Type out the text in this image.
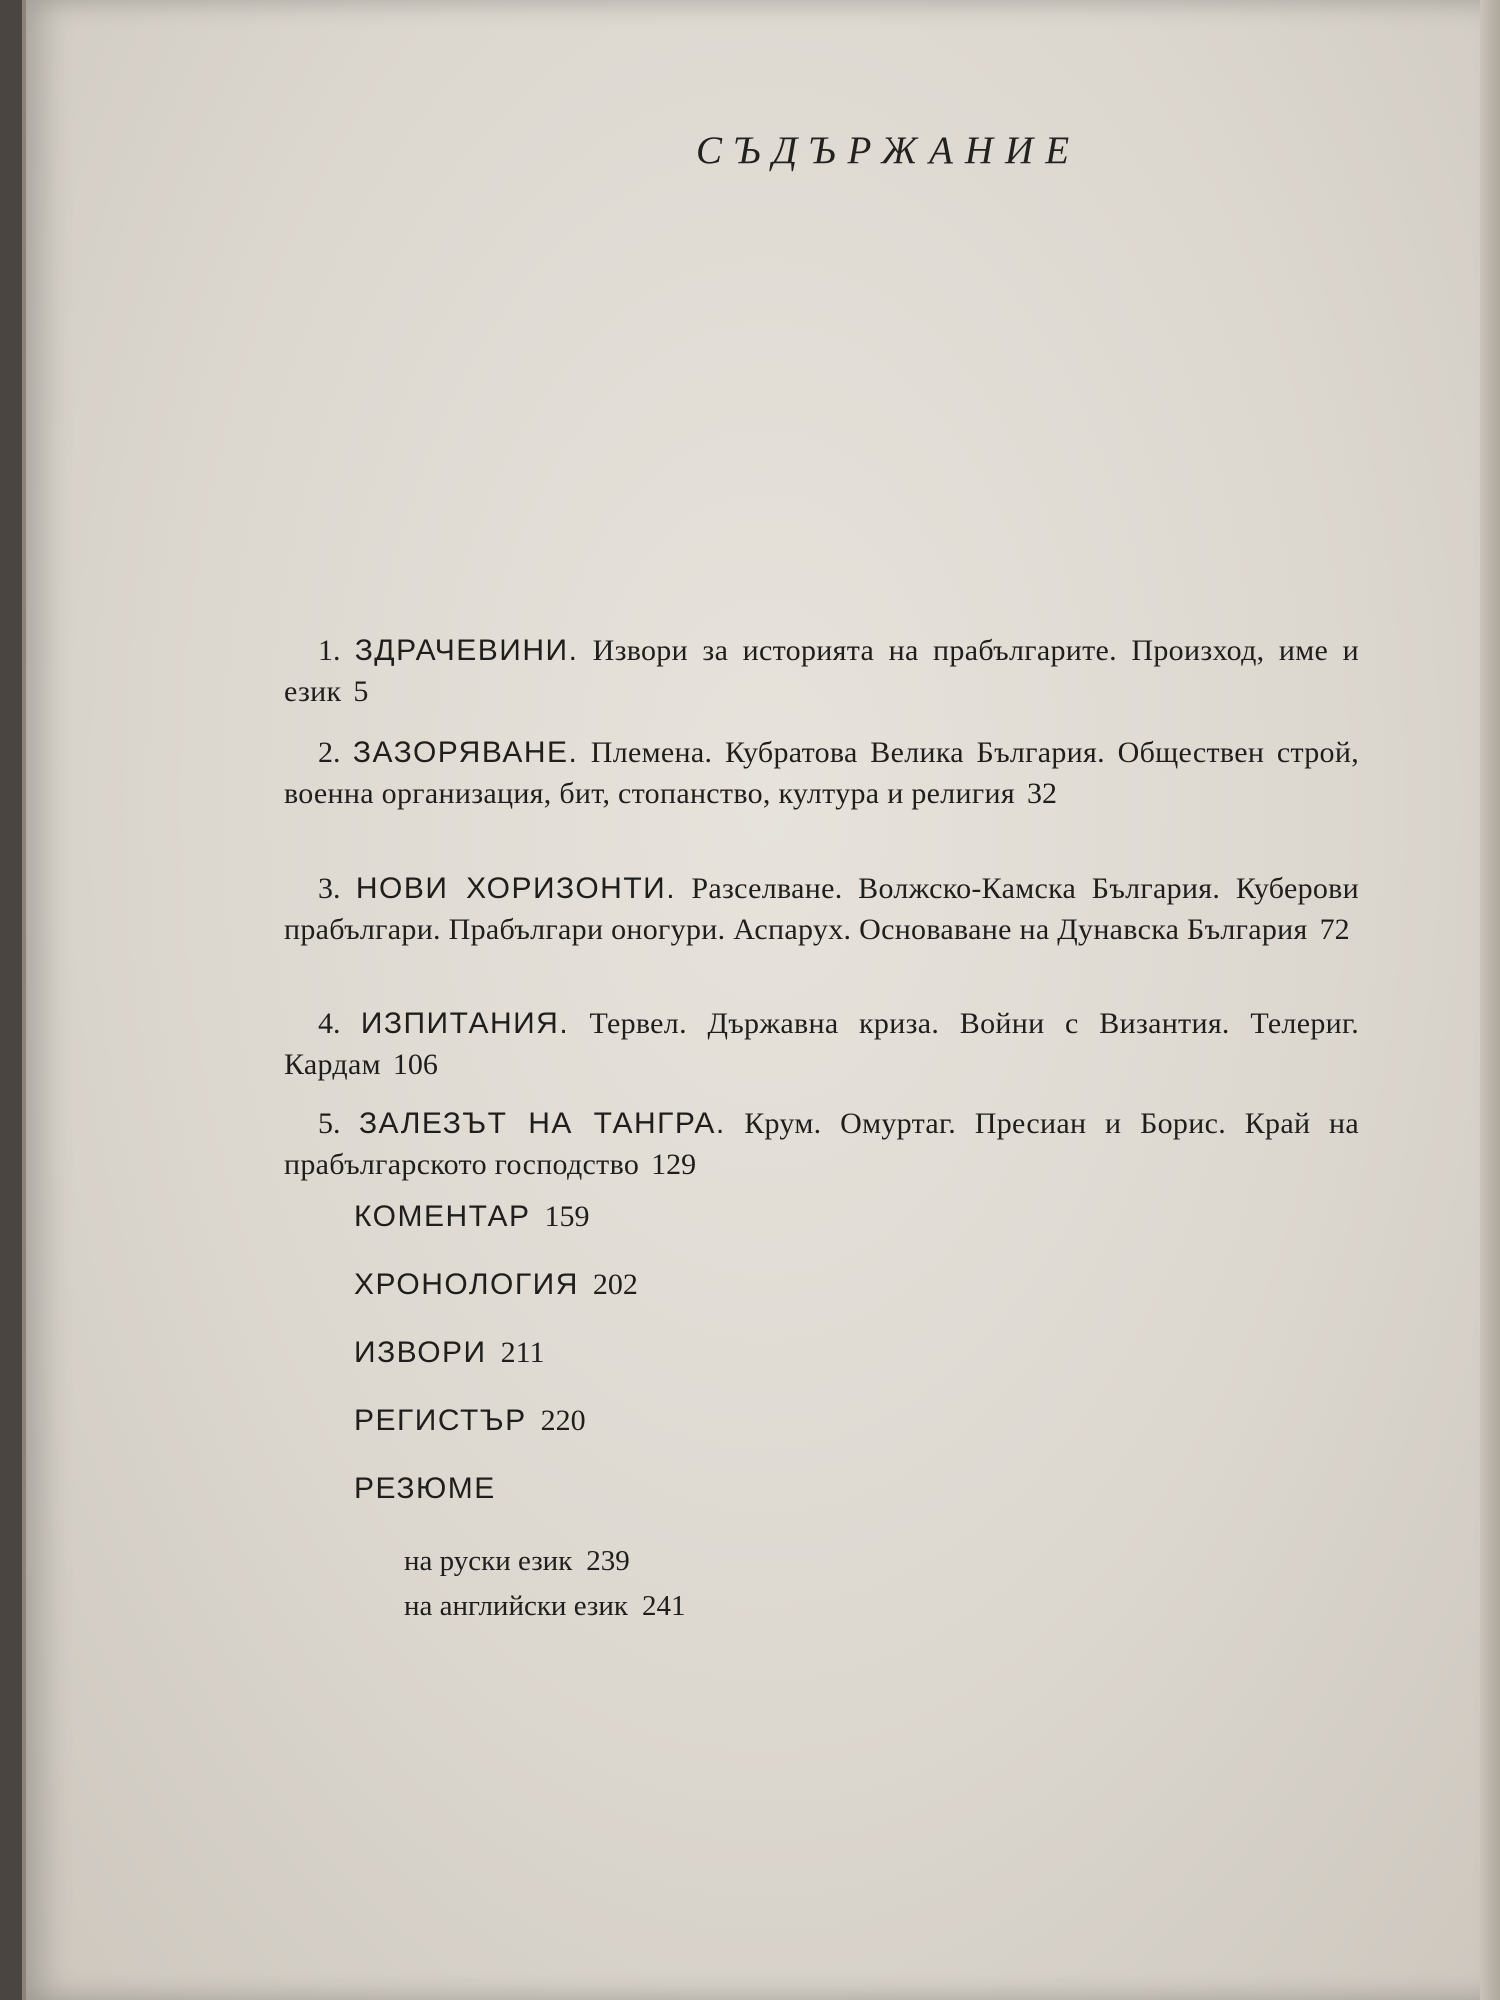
СЪДЪРЖАНИЕ
1. ЗДРАЧЕВИНИ. Извори за историята на прабългарите. Произход, име и език 5
2. ЗАЗОРЯВАНЕ. Племена. Кубратова Велика България. Обществен строй, военна организация, бит, стопанство, култура и религия 32
3. НОВИ ХОРИЗОНТИ. Разселване. Волжско-Камска България. Куберови прабългари. Прабългари оногури. Аспарух. Основаване на Дунавска България 72
4. ИЗПИТАНИЯ. Тервел. Държавна криза. Войни с Византия. Телериг. Кардам 106
5. ЗАЛЕЗЪТ НА ТАНГРА. Крум. Омуртаг. Пресиан и Борис. Край на прабългарското господство 129
КОМЕНТАР 159
ХРОНОЛОГИЯ 202
ИЗВОРИ 211
РЕГИСТЪР 220
РЕЗЮМЕ
на руски език 239
на английски език 241
